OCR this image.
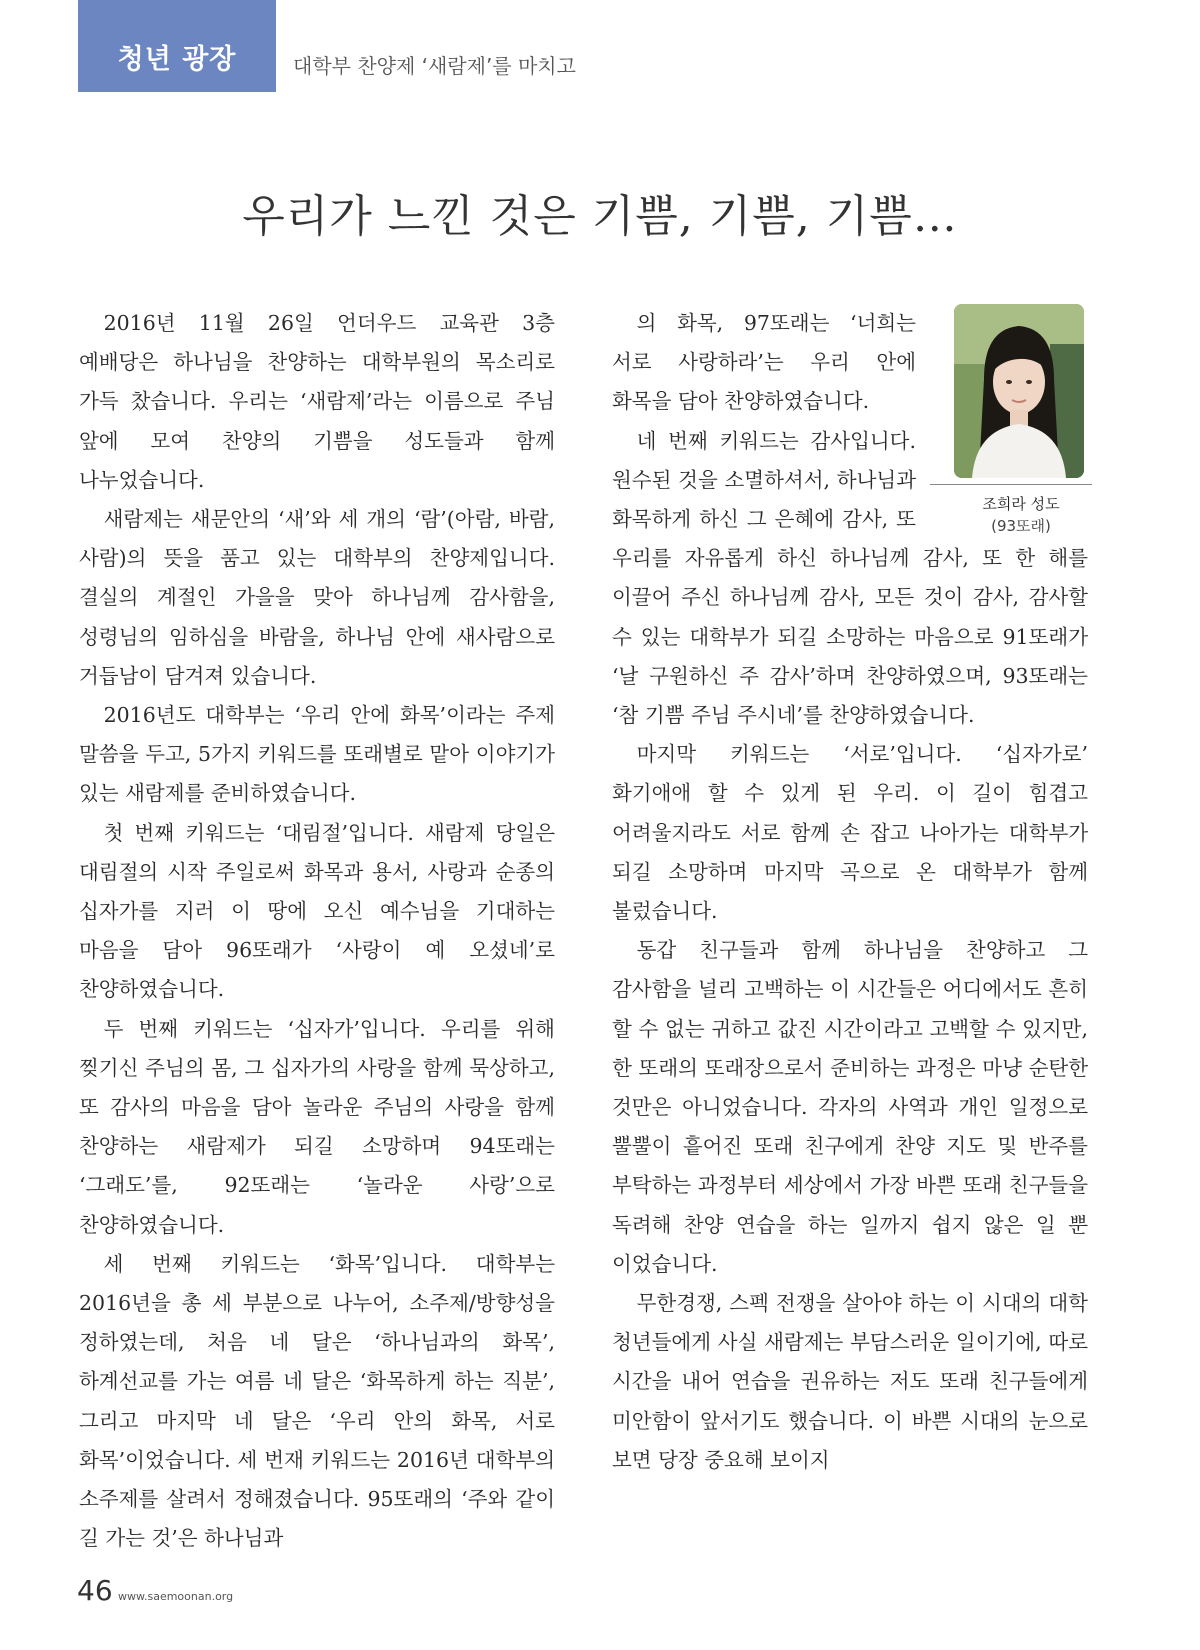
청년 광장	대학부 찬양제 ‘새람제’를 마치고
우리가 느낀 것은 기쁨, 기쁨, 기쁨…

2016년 11월 26일 언더우드 교육관 3층 예배당은 하나님을 찬양하는 대학부원의 목소리로 가득 찼습니다. 우리는 ‘새람제’라는 이름으로 주님 앞에 모여 찬양의 기쁨을 성도들과 함께 나누었습니다.

새람제는 새문안의 ‘새’와 세 개의 ‘람’(아람, 바람, 사람)의 뜻을 품고 있는 대학부의 찬양제입니다. 결실의 계절인 가을을 맞아 하나님께 감사함을, 성령님의 임하심을 바람을, 하나님 안에 새사람으로 거듭남이 담겨져 있습니다.

2016년도 대학부는 ‘우리 안에 화목’이라는 주제 말씀을 두고, 5가지 키워드를 또래별로 맡아 이야기가 있는 새람제를 준비하였습니다.

첫 번째 키워드는 ‘대림절’입니다. 새람제 당일은 대림절의 시작 주일로써 화목과 용서, 사랑과 순종의 십자가를 지러 이 땅에 오신 예수님을 기대하는 마음을 담아 96또래가 ‘사랑이 예 오셨네’로 찬양하였습니다.

두 번째 키워드는 ‘십자가’입니다. 우리를 위해 찢기신 주님의 몸, 그 십자가의 사랑을 함께 묵상하고, 또 감사의 마음을 담아 놀라운 주님의 사랑을 함께 찬양하는 새람제가 되길 소망하며 94또래는 ‘그래도’를, 92또래는 ‘놀라운 사랑’으로 찬양하였습니다.

세 번째 키워드는 ‘화목’입니다. 대학부는 2016년을 총 세 부분으로 나누어, 소주제/방향성을 정하였는데, 처음 네 달은 ‘하나님과의 화목’, 하계선교를 가는 여름 네 달은 ‘화목하게 하는 직분’, 그리고 마지막 네 달은 ‘우리 안의 화목, 서로 화목’이었습니다. 세 번재 키워드는 2016년 대학부의 소주제를 살려서 정해졌습니다. 95또래의 ‘주와 같이 길 가는 것’은 하나님과

조희라 성도
(93또래)

의 화목, 97또래는 ‘너희는 서로 사랑하라’는 우리 안에 화목을 담아 찬양하였습니다.

네 번째 키워드는 감사입니다. 원수된 것을 소멸하셔서, 하나님과 화목하게 하신 그 은혜에 감사, 또 우리를 자유롭게 하신 하나님께 감사, 또 한 해를 이끌어 주신 하나님께 감사, 모든 것이 감사, 감사할 수 있는 대학부가 되길 소망하는 마음으로 91또래가 ‘날 구원하신 주 감사’하며 찬양하였으며, 93또래는 ‘참 기쁨 주님 주시네’를 찬양하였습니다.

마지막 키워드는 ‘서로’입니다. ‘십자가로’ 화기애애 할 수 있게 된 우리. 이 길이 힘겹고 어려울지라도 서로 함께 손 잡고 나아가는 대학부가 되길 소망하며 마지막 곡으로 온 대학부가 함께 불렀습니다.

동갑 친구들과 함께 하나님을 찬양하고 그 감사함을 널리 고백하는 이 시간들은 어디에서도 흔히 할 수 없는 귀하고 값진 시간이라고 고백할 수 있지만, 한 또래의 또래장으로서 준비하는 과정은 마냥 순탄한 것만은 아니었습니다. 각자의 사역과 개인 일정으로 뿔뿔이 흩어진 또래 친구에게 찬양 지도 및 반주를 부탁하는 과정부터 세상에서 가장 바쁜 또래 친구들을 독려해 찬양 연습을 하는 일까지 쉽지 않은 일 뿐 이었습니다.

무한경쟁, 스펙 전쟁을 살아야 하는 이 시대의 대학 청년들에게 사실 새람제는 부담스러운 일이기에, 따로 시간을 내어 연습을 권유하는 저도 또래 친구들에게 미안함이 앞서기도 했습니다. 이 바쁜 시대의 눈으로 보면 당장 중요해 보이지

46 www.saemoonan.org
